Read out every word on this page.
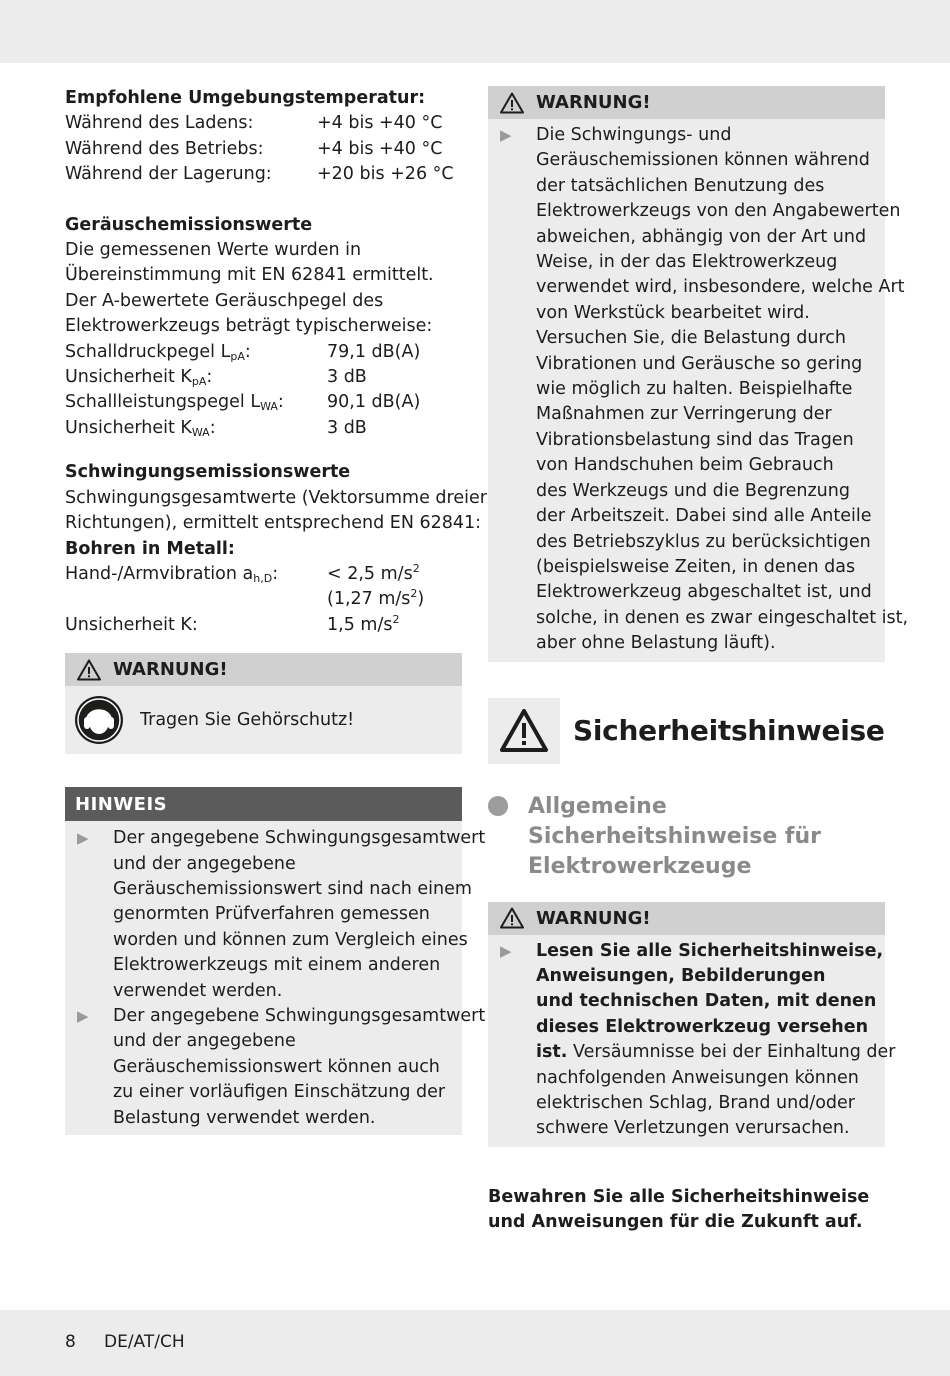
Empfohlene Umgebungstemperatur:
Während des Ladens:	+4 bis +40 °C
Während des Betriebs:	+4 bis +40 °C
Während der Lagerung:	+20 bis +26 °C
Geräuschemissionswerte
Die gemessenen Werte wurden in
Übereinstimmung mit EN 62841 ermittelt.
Der A-bewertete Geräuschpegel des
Elektrowerkzeugs beträgt typischerweise:
Schalldruckpegel $L_{pA}$:	79,1 dB(A)
Unsicherheit $K_{pA}$:	3 dB
Schallleistungspegel $L_{WA}$:	90,1 dB(A)
Unsicherheit $K_{WA}$:	3 dB
Schwingungsemissionswerte
Schwingungsgesamtwerte (Vektorsumme dreier
Richtungen), ermittelt entsprechend EN 62841:
Bohren in Metall:
Hand-/Armvibration $a_{h,D}$:	< 2,5 $m/s^2$
(1,27 $m/s^2$)
Unsicherheit K:	1,5 $m/s^2$
WARNUNG!
Tragen Sie Gehörschutz!
HINWEIS
▶	Der angegebene Schwingungsgesamtwert
und der angegebene
Geräuschemissionswert sind nach einem
genormten Prüfverfahren gemessen
worden und können zum Vergleich eines
Elektrowerkzeugs mit einem anderen
verwendet werden.
▶	Der angegebene Schwingungsgesamtwert
und der angegebene
Geräuschemissionswert können auch
zu einer vorläufigen Einschätzung der
Belastung verwendet werden.
WARNUNG!
▶	Die Schwingungs- und
Geräuschemissionen können während
der tatsächlichen Benutzung des
Elektrowerkzeugs von den Angabewerten
abweichen, abhängig von der Art und
Weise, in der das Elektrowerkzeug
verwendet wird, insbesondere, welche Art
von Werkstück bearbeitet wird.
Versuchen Sie, die Belastung durch
Vibrationen und Geräusche so gering
wie möglich zu halten. Beispielhafte
Maßnahmen zur Verringerung der
Vibrationsbelastung sind das Tragen
von Handschuhen beim Gebrauch
des Werkzeugs und die Begrenzung
der Arbeitszeit. Dabei sind alle Anteile
des Betriebszyklus zu berücksichtigen
(beispielsweise Zeiten, in denen das
Elektrowerkzeug abgeschaltet ist, und
solche, in denen es zwar eingeschaltet ist,
aber ohne Belastung läuft).
Sicherheitshinweise
Allgemeine
Sicherheitshinweise für
Elektrowerkzeuge
WARNUNG!
▶	Lesen Sie alle Sicherheitshinweise,
Anweisungen, Bebilderungen
und technischen Daten, mit denen
dieses Elektrowerkzeug versehen
ist. Versäumnisse bei der Einhaltung der
nachfolgenden Anweisungen können
elektrischen Schlag, Brand und/oder
schwere Verletzungen verursachen.
Bewahren Sie alle Sicherheitshinweise
und Anweisungen für die Zukunft auf.
8 DE/AT/CH
